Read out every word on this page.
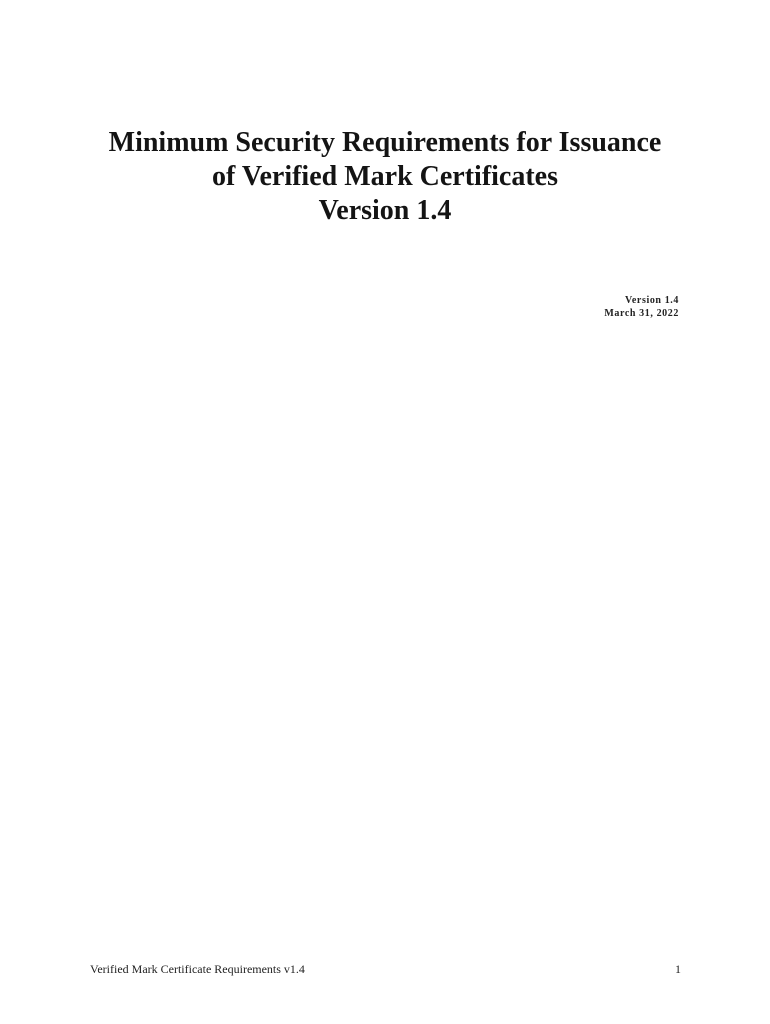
Minimum Security Requirements for Issuance
of Verified Mark Certificates
Version 1.4
Version 1.4
March 31, 2022
Verified Mark Certificate Requirements v1.4	1
